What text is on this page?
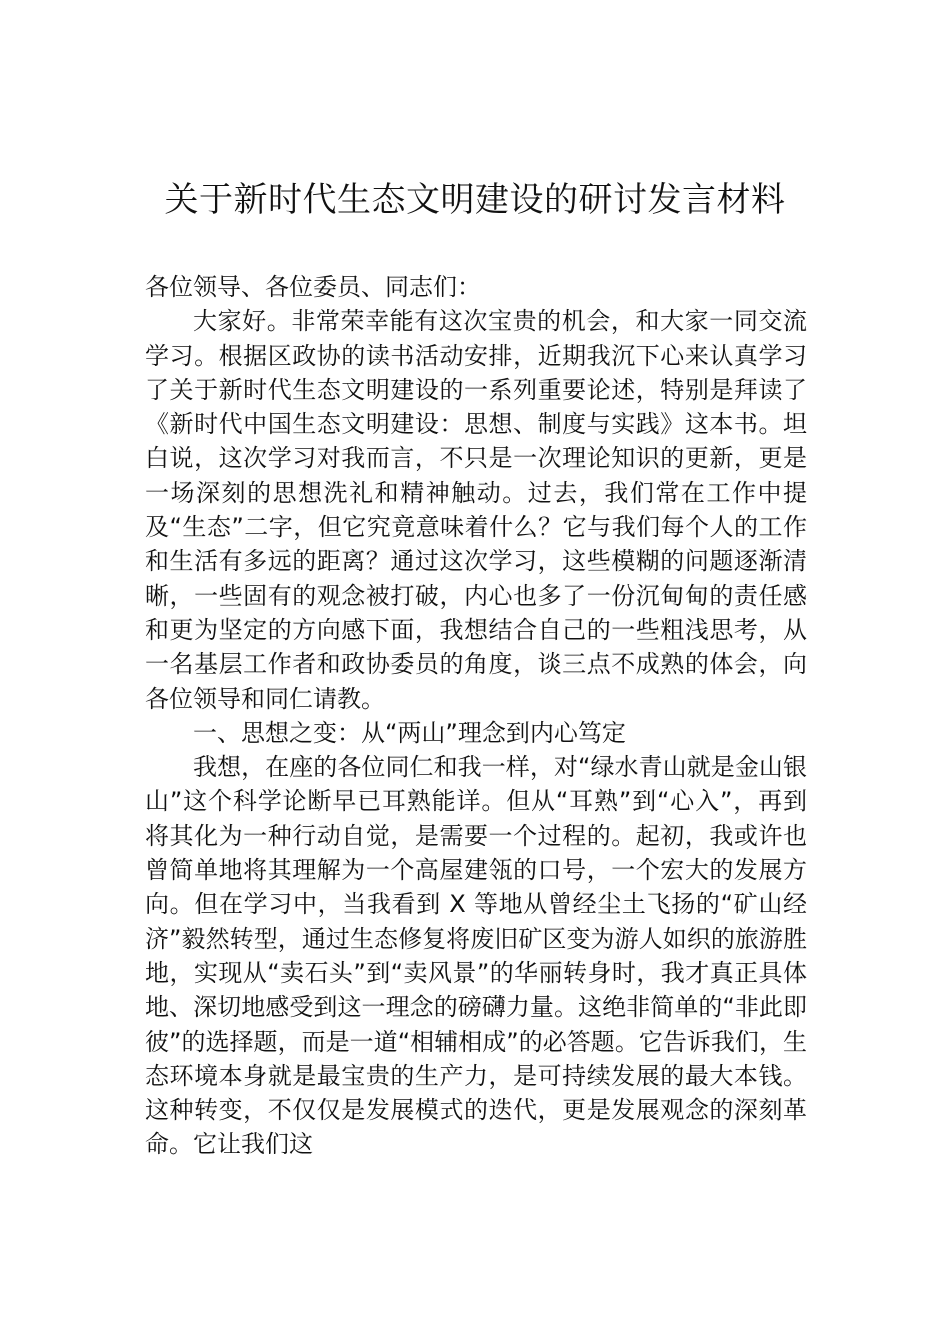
关于新时代生态文明建设的研讨发言材料

各位领导、各位委员、同志们：

大家好。非常荣幸能有这次宝贵的机会，和大家一同交流学习。根据区政协的读书活动安排，近期我沉下心来认真学习了关于新时代生态文明建设的一系列重要论述，特别是拜读了《新时代中国生态文明建设：思想、制度与实践》这本书。坦白说，这次学习对我而言，不只是一次理论知识的更新，更是一场深刻的思想洗礼和精神触动。过去，我们常在工作中提及“生态”二字，但它究竟意味着什么？它与我们每个人的工作和生活有多远的距离？通过这次学习，这些模糊的问题逐渐清晰，一些固有的观念被打破，内心也多了一份沉甸甸的责任感和更为坚定的方向感下面，我想结合自己的一些粗浅思考，从一名基层工作者和政协委员的角度，谈三点不成熟的体会，向各位领导和同仁请教。

一、思想之变：从“两山”理念到内心笃定

我想，在座的各位同仁和我一样，对“绿水青山就是金山银山”这个科学论断早已耳熟能详。但从“耳熟”到“心入”，再到将其化为一种行动自觉，是需要一个过程的。起初，我或许也曾简单地将其理解为一个高屋建瓴的口号，一个宏大的发展方向。但在学习中，当我看到 X 等地从曾经尘土飞扬的“矿山经济”毅然转型，通过生态修复将废旧矿区变为游人如织的旅游胜地，实现从“卖石头”到“卖风景”的华丽转身时，我才真正具体地、深切地感受到这一理念的磅礴力量。这绝非简单的“非此即彼”的选择题，而是一道“相辅相成”的必答题。它告诉我们，生态环境本身就是最宝贵的生产力，是可持续发展的最大本钱。这种转变，不仅仅是发展模式的迭代，更是发展观念的深刻革命。它让我们这
